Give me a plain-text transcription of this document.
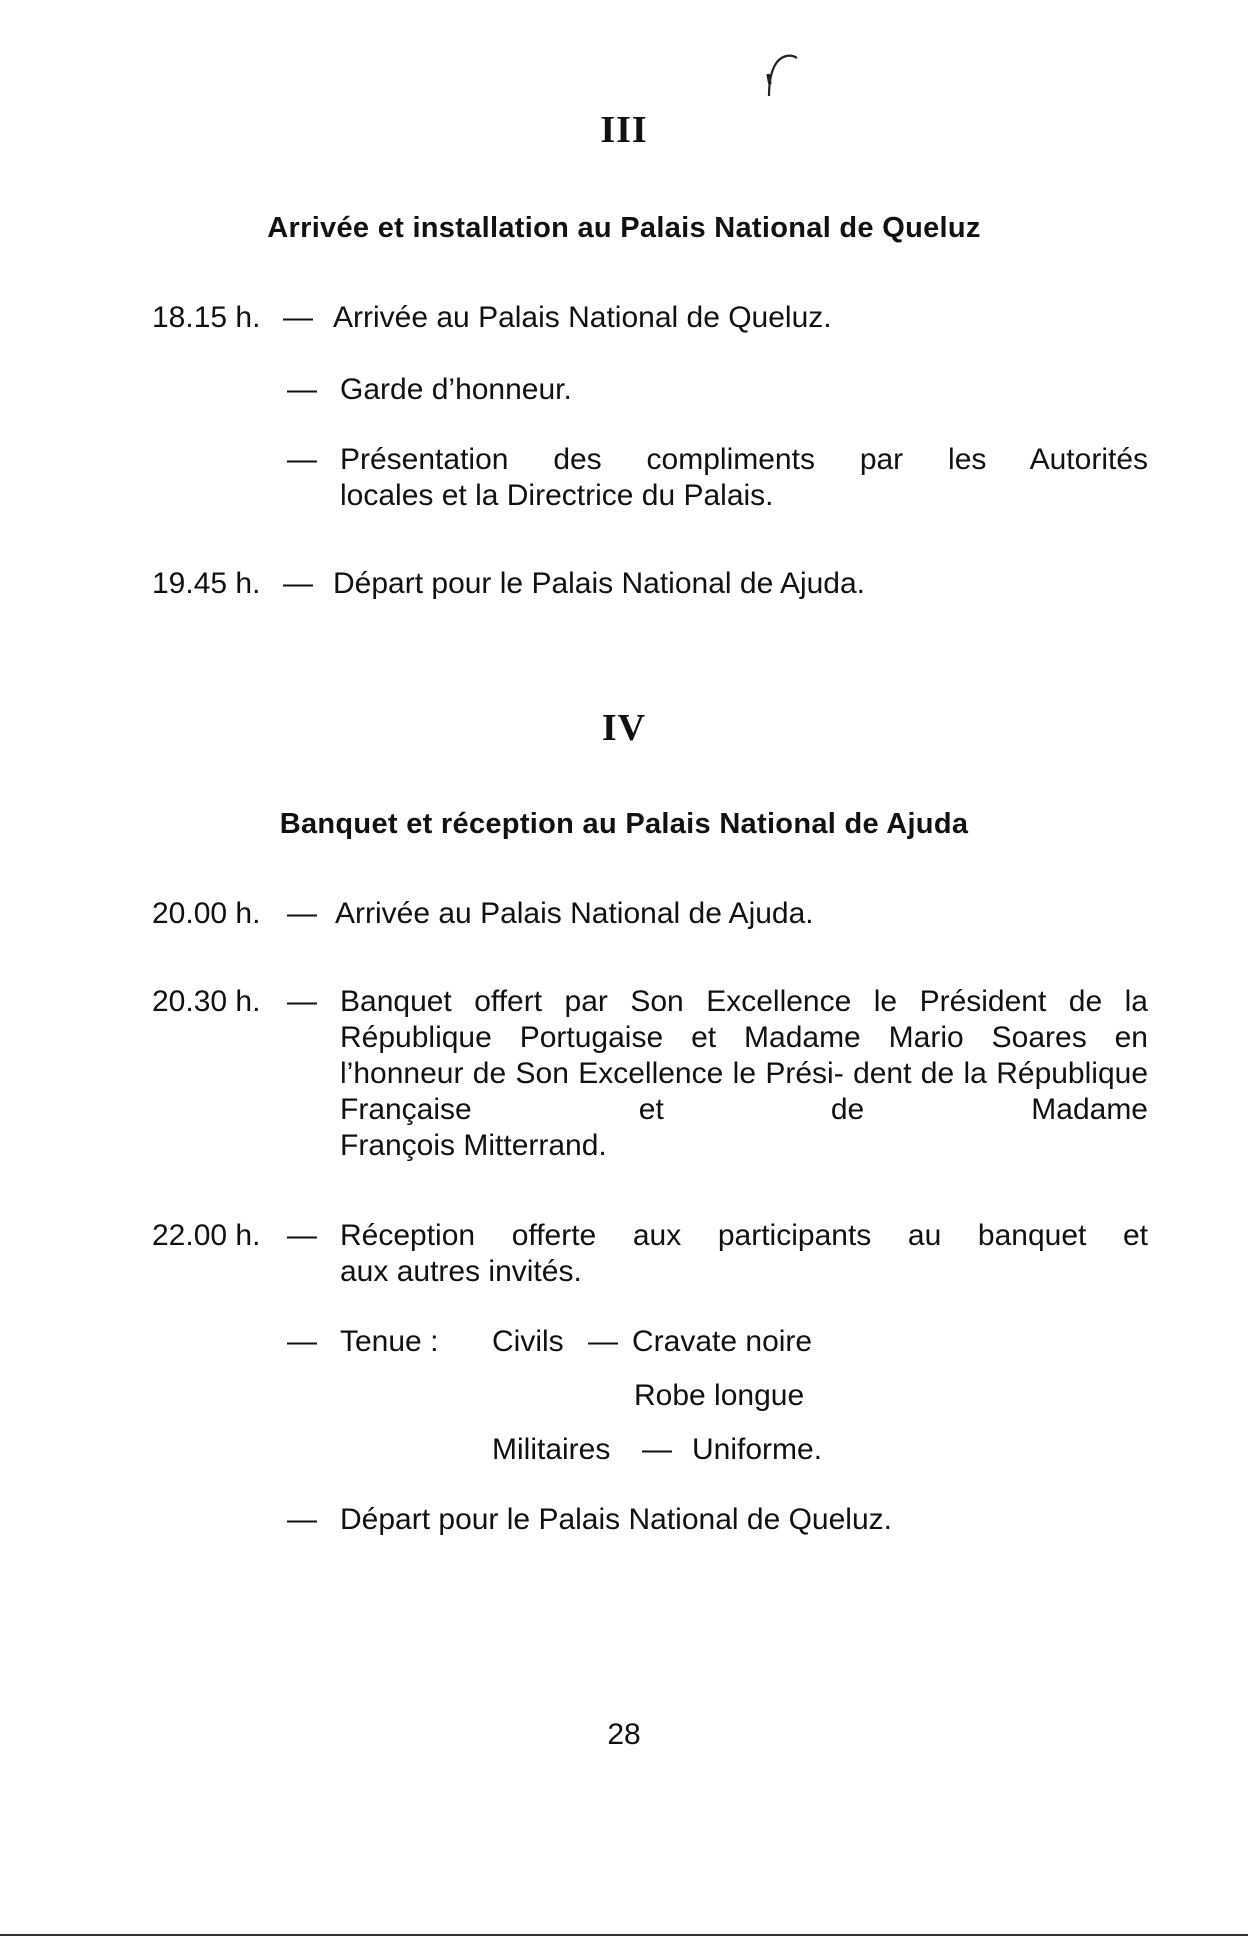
III
Arrivée et installation au Palais National de Queluz
18.15 h. — Arrivée au Palais National de Queluz.
— Garde d’honneur.
— Présentation des compliments par les Autorités
locales et la Directrice du Palais.
19.45 h. — Départ pour le Palais National de Ajuda.
IV
Banquet et réception au Palais National de Ajuda
20.00 h. — Arrivée au Palais National de Ajuda.
20.30 h. — Banquet offert par Son Excellence le Président de la République Portugaise et Madame Mario Soares en l’honneur de Son Excellence le Prési- dent de la République Française et de Madame
François Mitterrand.
22.00 h. — Réception offerte aux participants au banquet et
aux autres invités.
— Tenue : Civils — Cravate noire
Robe longue
Militaires — Uniforme.
— Départ pour le Palais National de Queluz.
28
